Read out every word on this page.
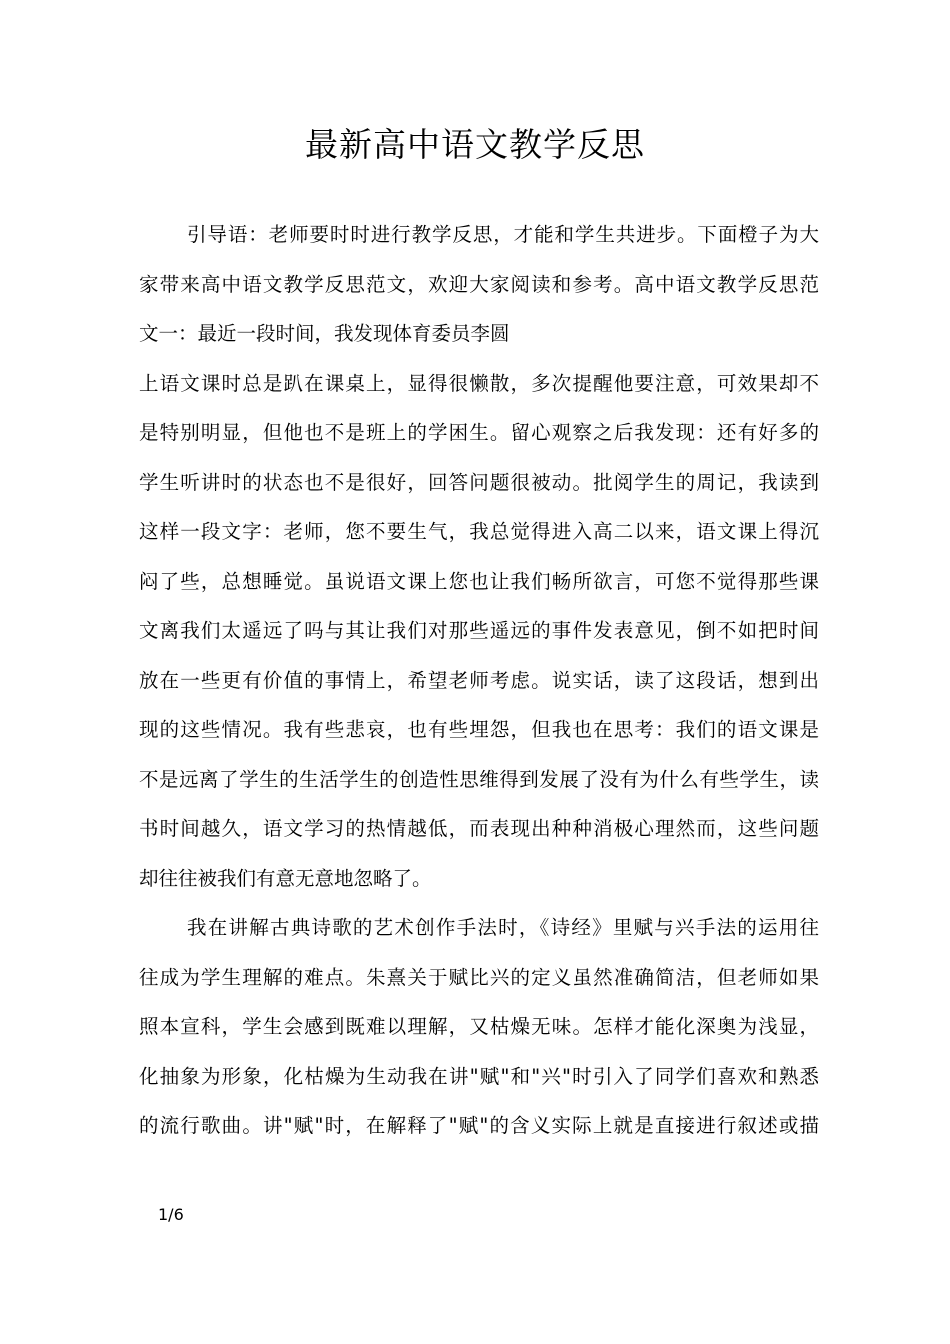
最新高中语文教学反思
引导语：老师要时时进行教学反思，才能和学生共进步。下面橙子为大
家带来高中语文教学反思范文，欢迎大家阅读和参考。高中语文教学反思范
文一：最近一段时间，我发现体育委员李圆
上语文课时总是趴在课桌上，显得很懒散，多次提醒他要注意，可效果却不
是特别明显，但他也不是班上的学困生。留心观察之后我发现：还有好多的
学生听讲时的状态也不是很好，回答问题很被动。批阅学生的周记，我读到
这样一段文字：老师，您不要生气，我总觉得进入高二以来，语文课上得沉
闷了些，总想睡觉。虽说语文课上您也让我们畅所欲言，可您不觉得那些课
文离我们太遥远了吗与其让我们对那些遥远的事件发表意见，倒不如把时间
放在一些更有价值的事情上，希望老师考虑。说实话，读了这段话，想到出
现的这些情况。我有些悲哀，也有些埋怨，但我也在思考：我们的语文课是
不是远离了学生的生活学生的创造性思维得到发展了没有为什么有些学生，读
书时间越久，语文学习的热情越低，而表现出种种消极心理然而，这些问题
却往往被我们有意无意地忽略了。
我在讲解古典诗歌的艺术创作手法时，《诗经》里赋与兴手法的运用往
往成为学生理解的难点。朱熹关于赋比兴的定义虽然准确简洁，但老师如果
照本宣科，学生会感到既难以理解，又枯燥无味。怎样才能化深奥为浅显，
化抽象为形象，化枯燥为生动我在讲"赋"和"兴"时引入了同学们喜欢和熟悉
的流行歌曲。讲"赋"时，在解释了"赋"的含义实际上就是直接进行叙述或描
1/6
